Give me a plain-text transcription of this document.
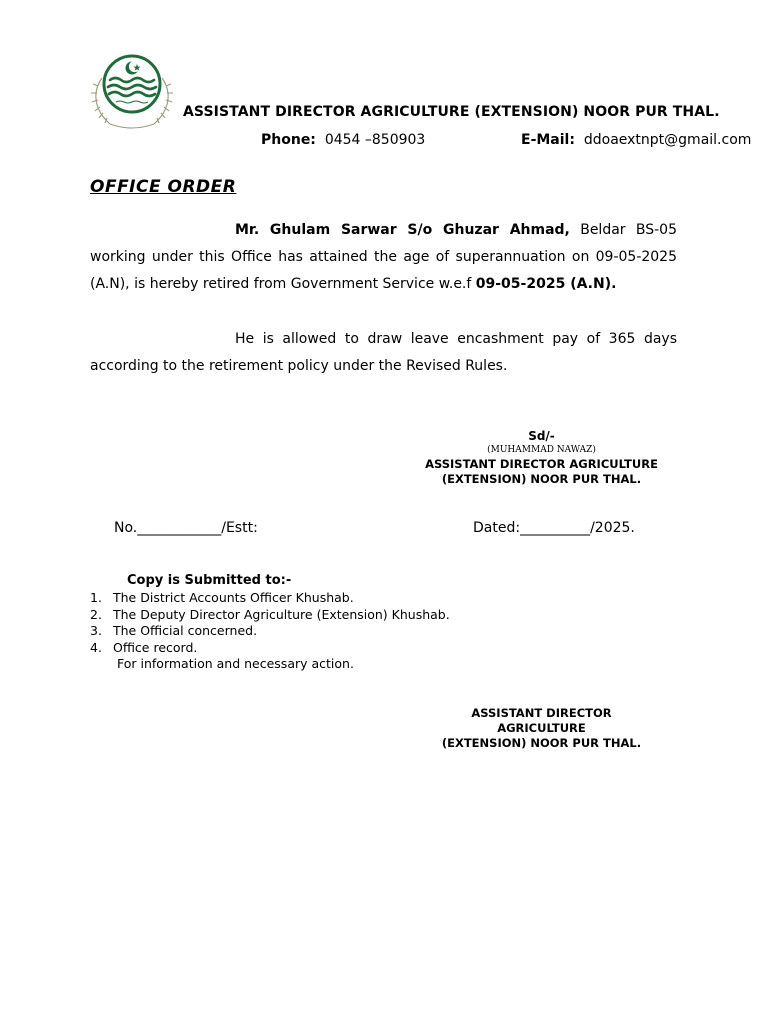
ASSISTANT DIRECTOR AGRICULTURE (EXTENSION) NOOR PUR THAL.
Phone: 0454 –850903	E-Mail: ddoaextnpt@gmail.com
OFFICE ORDER
Mr. Ghulam Sarwar S/o Ghuzar Ahmad, Beldar BS-05 working under this Office has attained the age of superannuation on 09-05-2025 (A.N), is hereby retired from Government Service w.e.f 09-05-2025 (A.N).
He is allowed to draw leave encashment pay of 365 days according to the retirement policy under the Revised Rules.
Sd/-
(MUHAMMAD NAWAZ)
ASSISTANT DIRECTOR AGRICULTURE
(EXTENSION) NOOR PUR THAL.
No.____________/Estt:	Dated:__________/2025.
Copy is Submitted to:-
1. The District Accounts Officer Khushab.
2. The Deputy Director Agriculture (Extension) Khushab.
3. The Official concerned.
4. Office record.
For information and necessary action.
ASSISTANT DIRECTOR
AGRICULTURE
(EXTENSION) NOOR PUR THAL.
